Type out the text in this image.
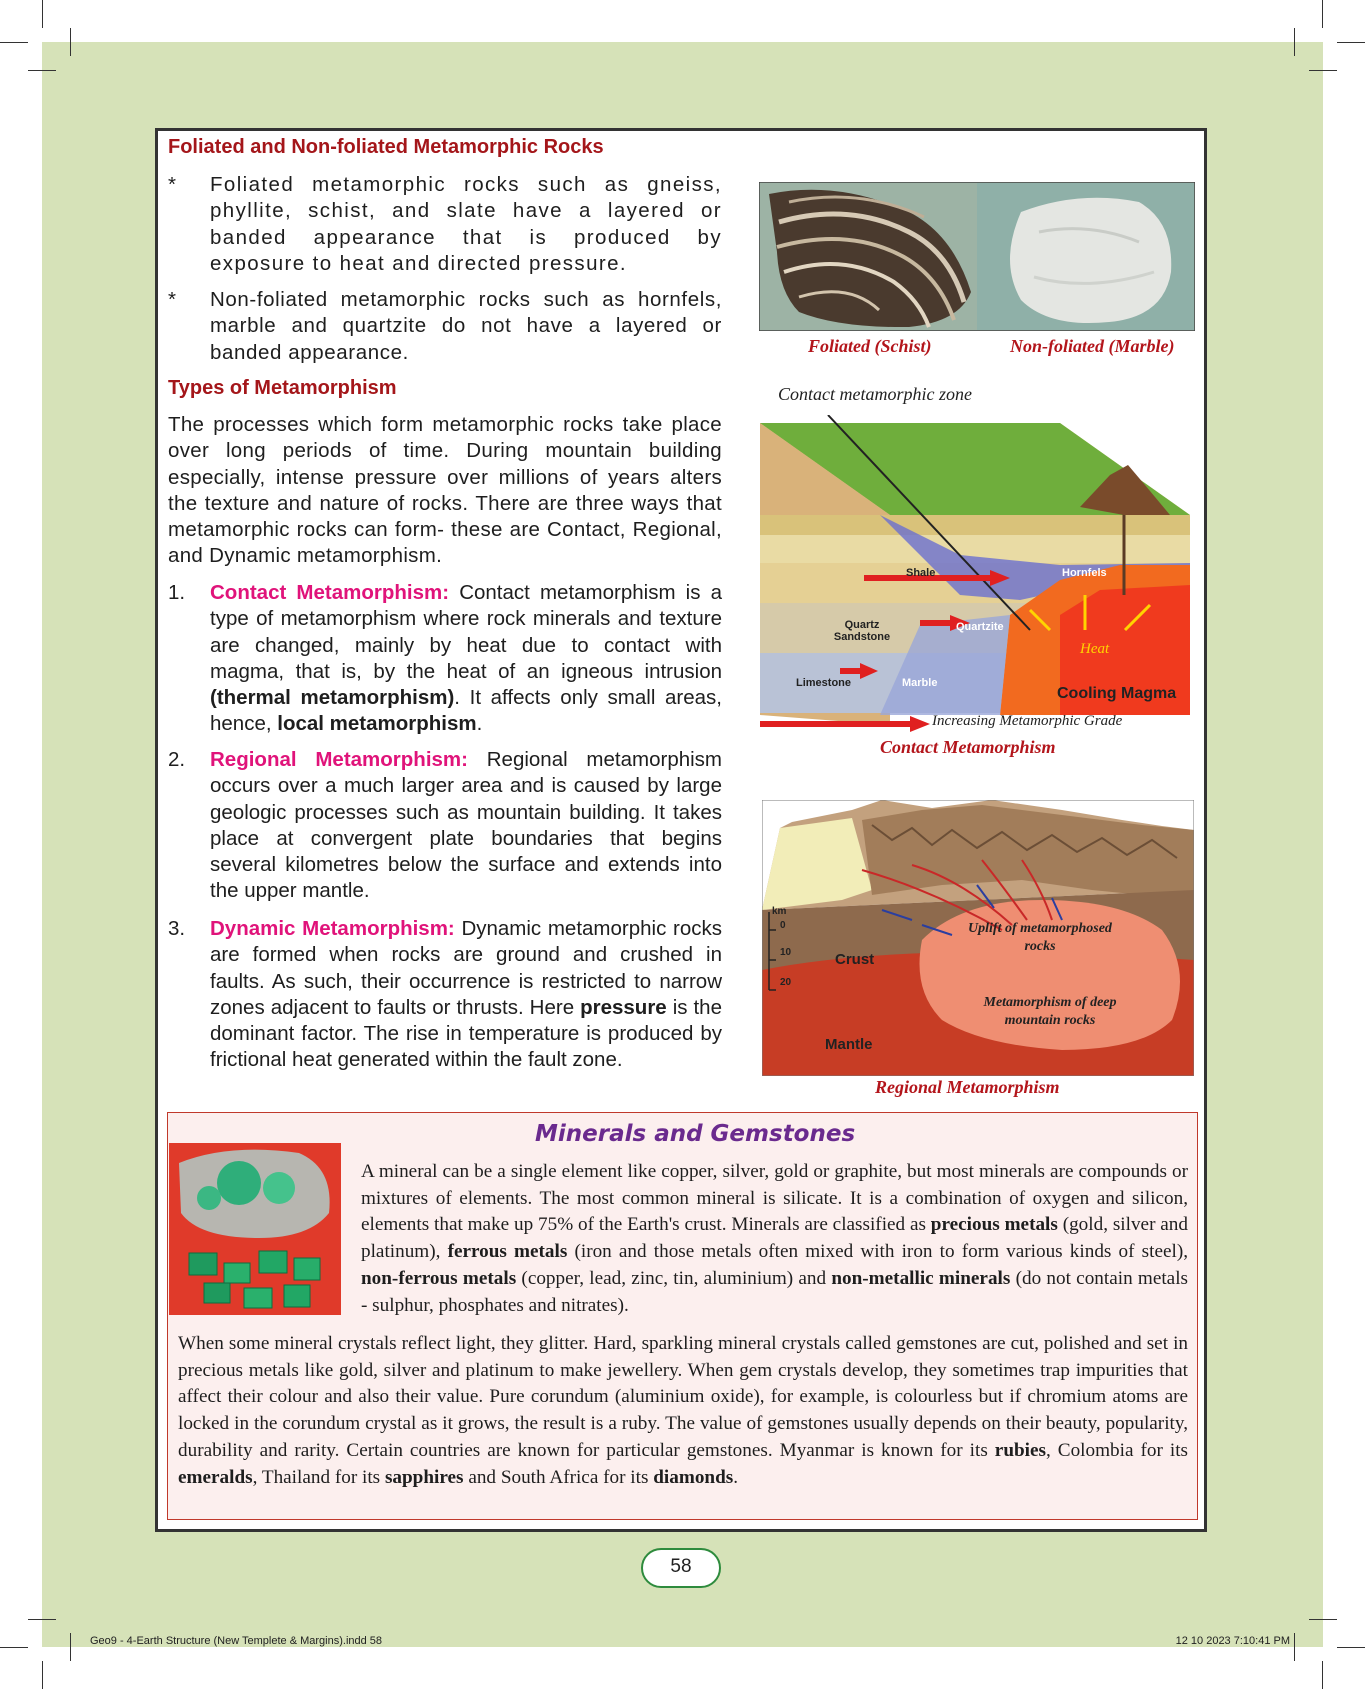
Foliated and Non-foliated Metamorphic Rocks
* Foliated metamorphic rocks such as gneiss, phyllite, schist, and slate have a layered or banded appearance that is produced by exposure to heat and directed pressure.
* Non-foliated metamorphic rocks such as hornfels, marble and quartzite do not have a layered or banded appearance.
Types of Metamorphism
The processes which form metamorphic rocks take place over long periods of time. During mountain building especially, intense pressure over millions of years alters the texture and nature of rocks. There are three ways that metamorphic rocks can form- these are Contact, Regional, and Dynamic metamorphism.
1. Contact Metamorphism: Contact metamorphism is a type of metamorphism where rock minerals and texture are changed, mainly by heat due to contact with magma, that is, by the heat of an igneous intrusion (thermal metamorphism). It affects only small areas, hence, local metamorphism.
2. Regional Metamorphism: Regional metamorphism occurs over a much larger area and is caused by large geologic processes such as mountain building. It takes place at convergent plate boundaries that begins several kilometres below the surface and extends into the upper mantle.
3. Dynamic Metamorphism: Dynamic metamorphic rocks are formed when rocks are ground and crushed in faults. As such, their occurrence is restricted to narrow zones adjacent to faults or thrusts. Here pressure is the dominant factor. The rise in temperature is produced by frictional heat generated within the fault zone.
Foliated (Schist)	Non-foliated (Marble)
Contact metamorphic zone
Shale	Hornfels
Quartz Sandstone
Quartzite
Limestone	Marble
Heat
Cooling Magma
Increasing Metamorphic Grade
Contact Metamorphism
km
0
10
20
Crust
Mantle
Uplift of metamorphosed rocks
Metamorphism of deep mountain rocks
Regional Metamorphism
Minerals and Gemstones
A mineral can be a single element like copper, silver, gold or graphite, but most minerals are compounds or mixtures of elements. The most common mineral is silicate. It is a combination of oxygen and silicon, elements that make up 75% of the Earth's crust. Minerals are classified as precious metals (gold, silver and platinum), ferrous metals (iron and those metals often mixed with iron to form various kinds of steel), non-ferrous metals (copper, lead, zinc, tin, aluminium) and non-metallic minerals (do not contain metals - sulphur, phosphates and nitrates).
When some mineral crystals reflect light, they glitter. Hard, sparkling mineral crystals called gemstones are cut, polished and set in precious metals like gold, silver and platinum to make jewellery. When gem crystals develop, they sometimes trap impurities that affect their colour and also their value. Pure corundum (aluminium oxide), for example, is colourless but if chromium atoms are locked in the corundum crystal as it grows, the result is a ruby. The value of gemstones usually depends on their beauty, popularity, durability and rarity. Certain countries are known for particular gemstones. Myanmar is known for its rubies, Colombia for its emeralds, Thailand for its sapphires and South Africa for its diamonds.
58
Geo9 - 4-Earth Structure (New Templete & Margins).indd 58	12 10 2023 7:10:41 PM
